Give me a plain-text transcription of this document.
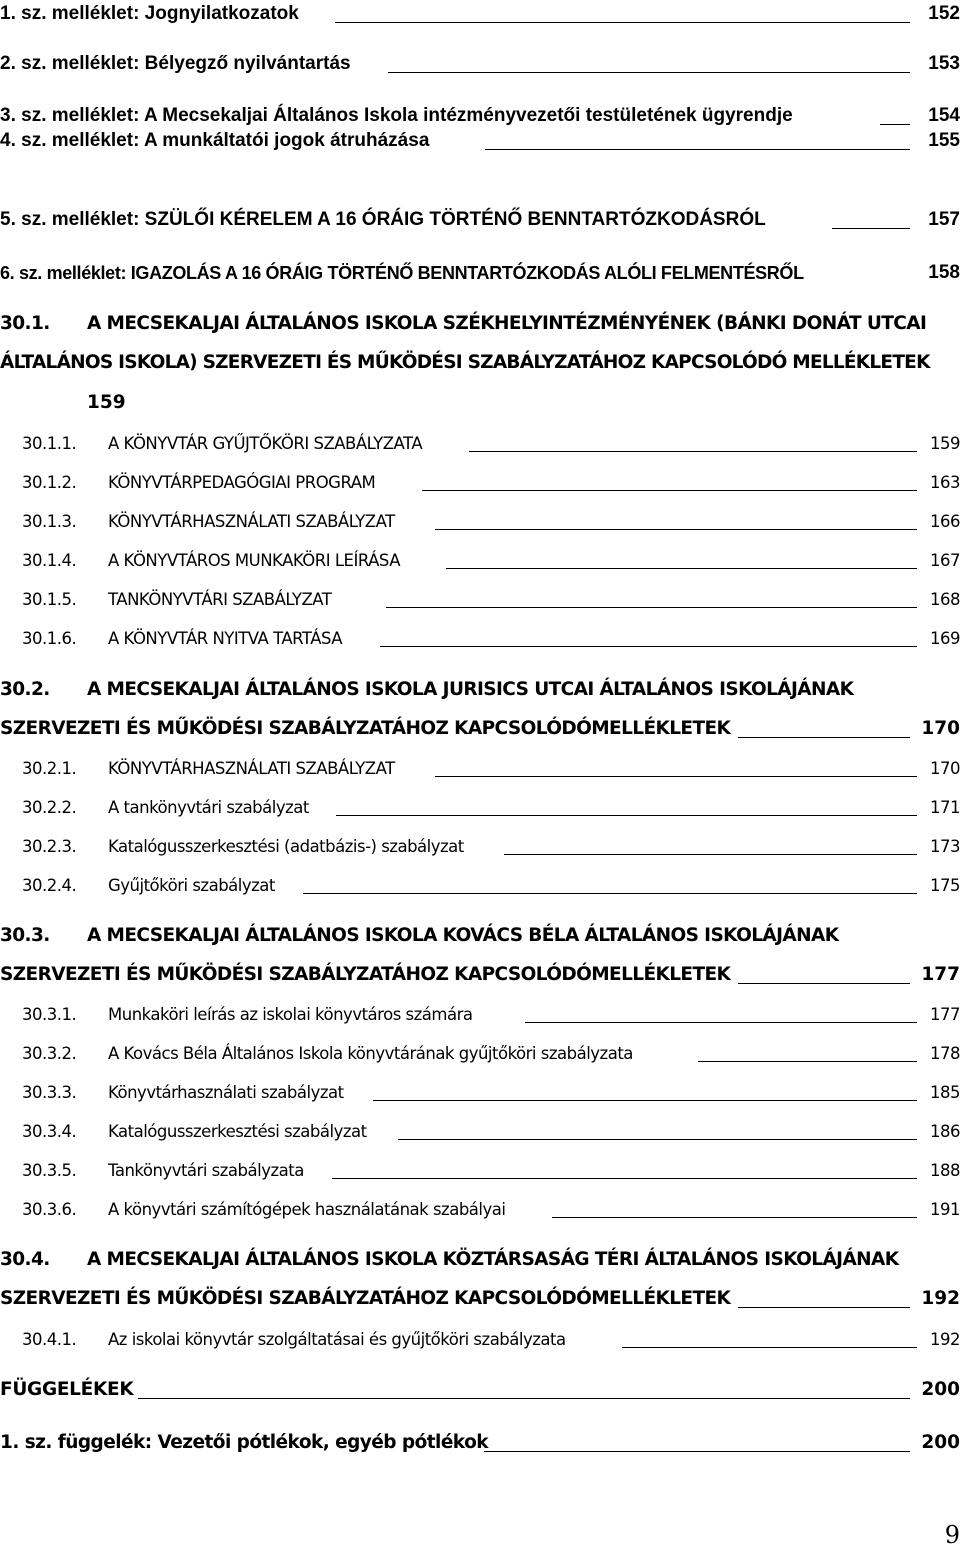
1. sz. melléklet: Jognyilatkozatok	152
2. sz. melléklet: Bélyegző nyilvántartás	153
3. sz. melléklet: A Mecsekaljai Általános Iskola intézményvezetői testületének ügyrendje	154
4. sz. melléklet: A munkáltatói jogok átruházása	155
5. sz. melléklet: SZÜLŐI KÉRELEM A 16 ÓRÁIG TÖRTÉNŐ BENNTARTÓZKODÁSRÓL	157
6. sz. melléklet: IGAZOLÁS A 16 ÓRÁIG TÖRTÉNŐ BENNTARTÓZKODÁS ALÓLI FELMENTÉSRŐL	158
30.1. A MECSEKALJAI ÁLTALÁNOS ISKOLA SZÉKHELYINTÉZMÉNYÉNEK (BÁNKI DONÁT UTCAI
ÁLTALÁNOS ISKOLA) SZERVEZETI ÉS MŰKÖDÉSI SZABÁLYZATÁHOZ KAPCSOLÓDÓ MELLÉKLETEK
159
30.1.1. A KÖNYVTÁR GYŰJTŐKÖRI SZABÁLYZATA	159
30.1.2. KÖNYVTÁRPEDAGÓGIAI PROGRAM	163
30.1.3. KÖNYVTÁRHASZNÁLATI SZABÁLYZAT	166
30.1.4. A KÖNYVTÁROS MUNKAKÖRI LEÍRÁSA	167
30.1.5. TANKÖNYVTÁRI SZABÁLYZAT	168
30.1.6. A KÖNYVTÁR NYITVA TARTÁSA	169
30.2. A MECSEKALJAI ÁLTALÁNOS ISKOLA JURISICS UTCAI ÁLTALÁNOS ISKOLÁJÁNAK
SZERVEZETI ÉS MŰKÖDÉSI SZABÁLYZATÁHOZ KAPCSOLÓDÓMELLÉKLETEK	170
30.2.1. KÖNYVTÁRHASZNÁLATI SZABÁLYZAT	170
30.2.2. A tankönyvtári szabályzat	171
30.2.3. Katalógusszerkesztési (adatbázis-) szabályzat	173
30.2.4. Gyűjtőköri szabályzat	175
30.3. A MECSEKALJAI ÁLTALÁNOS ISKOLA KOVÁCS BÉLA ÁLTALÁNOS ISKOLÁJÁNAK
SZERVEZETI ÉS MŰKÖDÉSI SZABÁLYZATÁHOZ KAPCSOLÓDÓMELLÉKLETEK	177
30.3.1. Munkaköri leírás az iskolai könyvtáros számára	177
30.3.2. A Kovács Béla Általános Iskola könyvtárának gyűjtőköri szabályzata	178
30.3.3. Könyvtárhasználati szabályzat	185
30.3.4. Katalógusszerkesztési szabályzat	186
30.3.5. Tankönyvtári szabályzata	188
30.3.6. A könyvtári számítógépek használatának szabályai	191
30.4. A MECSEKALJAI ÁLTALÁNOS ISKOLA KÖZTÁRSASÁG TÉRI ÁLTALÁNOS ISKOLÁJÁNAK
SZERVEZETI ÉS MŰKÖDÉSI SZABÁLYZATÁHOZ KAPCSOLÓDÓMELLÉKLETEK	192
30.4.1. Az iskolai könyvtár szolgáltatásai és gyűjtőköri szabályzata	192
FÜGGELÉKEK	200
1. sz. függelék: Vezetői pótlékok, egyéb pótlékok	200
9
